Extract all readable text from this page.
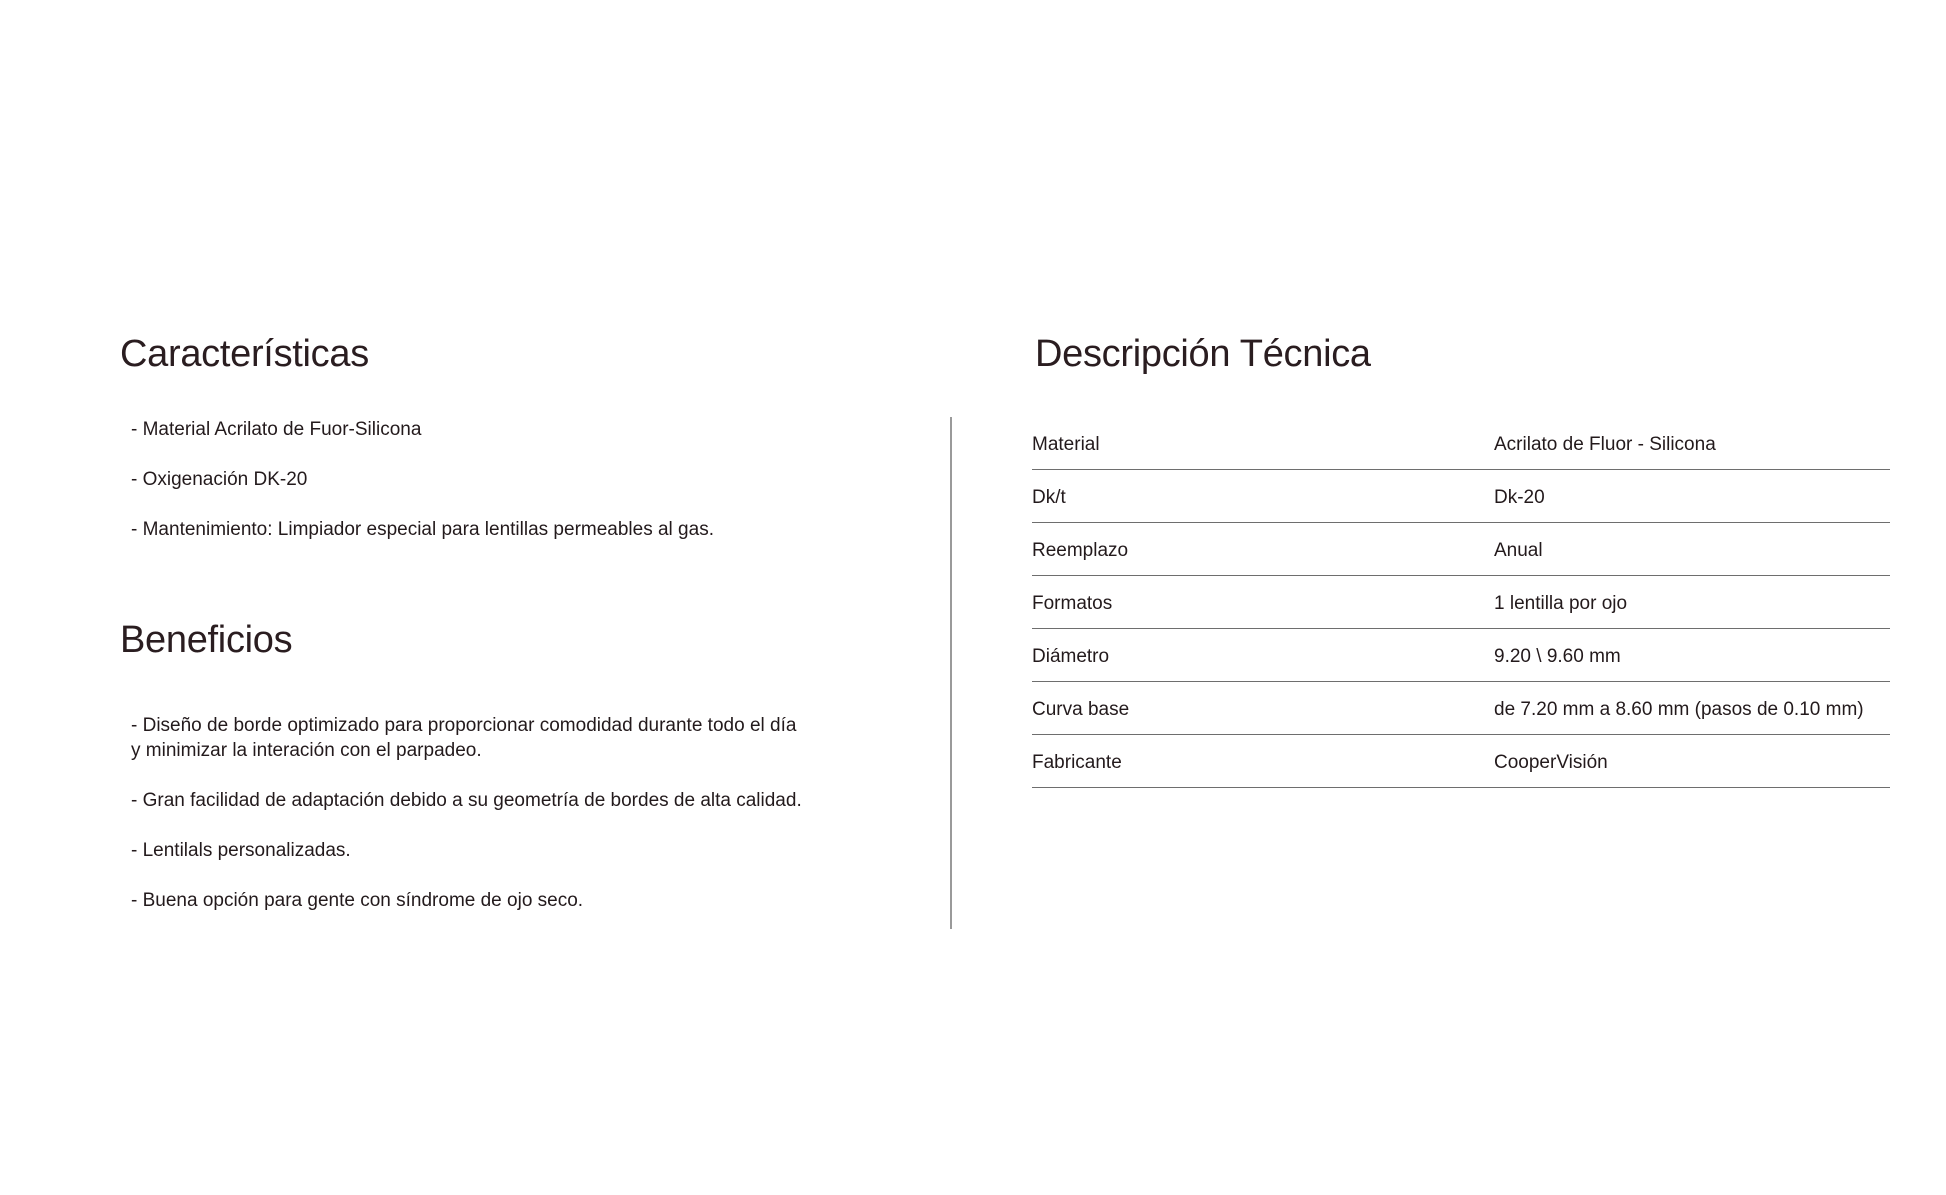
Características
- Material Acrilato de Fuor-Silicona
- Oxigenación DK-20
- Mantenimiento: Limpiador especial para lentillas permeables al gas.
Beneficios
- Diseño de borde optimizado para proporcionar comodidad durante todo el día
y minimizar la interación con el parpadeo.
- Gran facilidad de adaptación debido a su geometría de bordes de alta calidad.
- Lentilals personalizadas.
- Buena opción para gente con síndrome de ojo seco.
Descripción Técnica
Material	Acrilato de Fluor - Silicona
Dk/t	Dk-20
Reemplazo	Anual
Formatos	1 lentilla por ojo
Diámetro	9.20 \ 9.60 mm
Curva base	de 7.20 mm a 8.60 mm (pasos de 0.10 mm)
Fabricante	CooperVisión
